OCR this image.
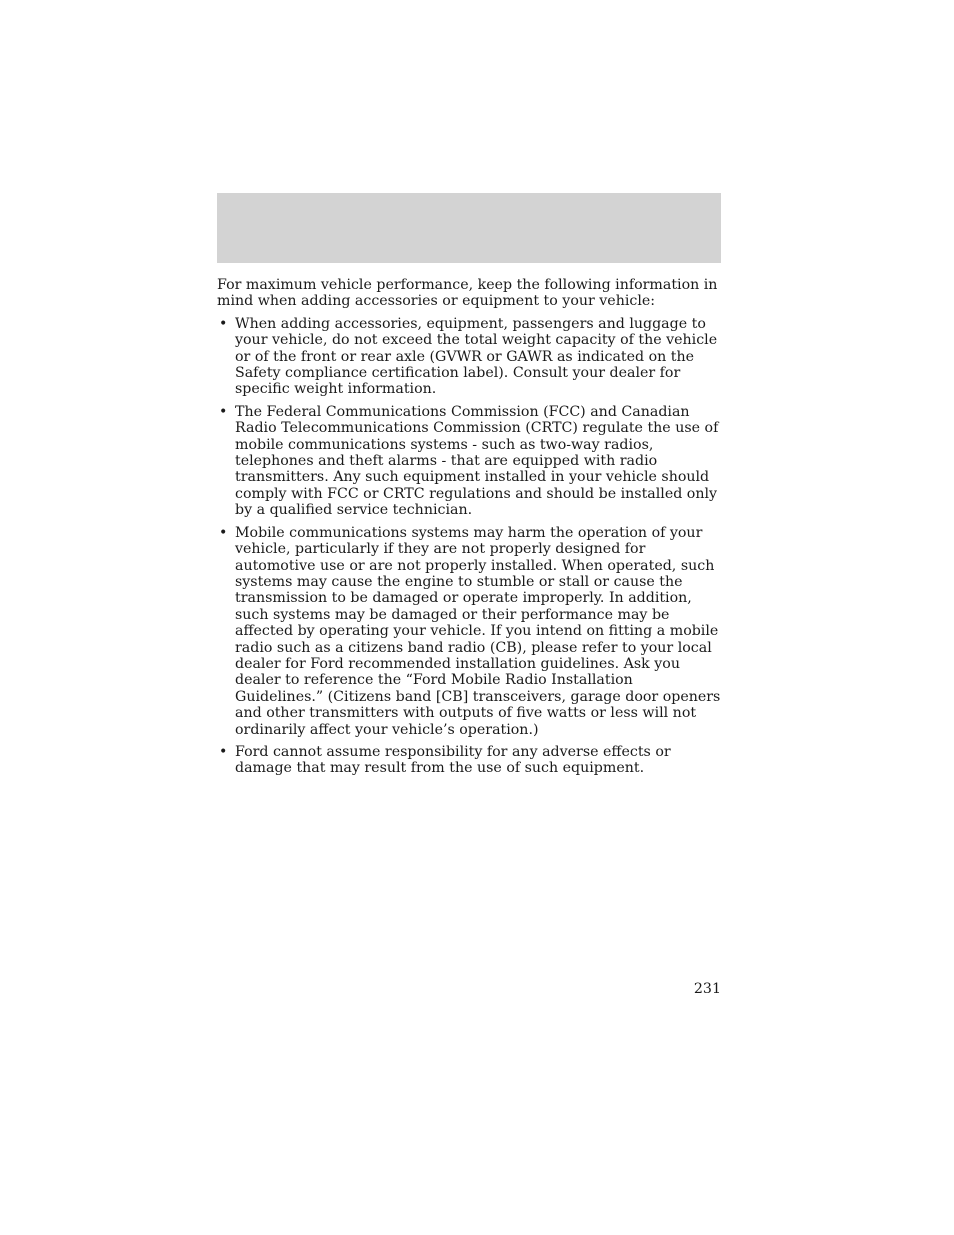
For maximum vehicle performance, keep the following information in mind when adding accessories or equipment to your vehicle:

• When adding accessories, equipment, passengers and luggage to your vehicle, do not exceed the total weight capacity of the vehicle or of the front or rear axle (GVWR or GAWR as indicated on the Safety compliance certification label). Consult your dealer for specific weight information.
• The Federal Communications Commission (FCC) and Canadian Radio Telecommunications Commission (CRTC) regulate the use of mobile communications systems - such as two-way radios, telephones and theft alarms - that are equipped with radio transmitters. Any such equipment installed in your vehicle should comply with FCC or CRTC regulations and should be installed only by a qualified service technician.
• Mobile communications systems may harm the operation of your vehicle, particularly if they are not properly designed for automotive use or are not properly installed. When operated, such systems may cause the engine to stumble or stall or cause the transmission to be damaged or operate improperly. In addition, such systems may be damaged or their performance may be affected by operating your vehicle. If you intend on fitting a mobile radio such as a citizens band radio (CB), please refer to your local dealer for Ford recommended installation guidelines. Ask you dealer to reference the “Ford Mobile Radio Installation Guidelines.” (Citizens band [CB] transceivers, garage door openers and other transmitters with outputs of five watts or less will not ordinarily affect your vehicle’s operation.)
• Ford cannot assume responsibility for any adverse effects or damage that may result from the use of such equipment.
231
